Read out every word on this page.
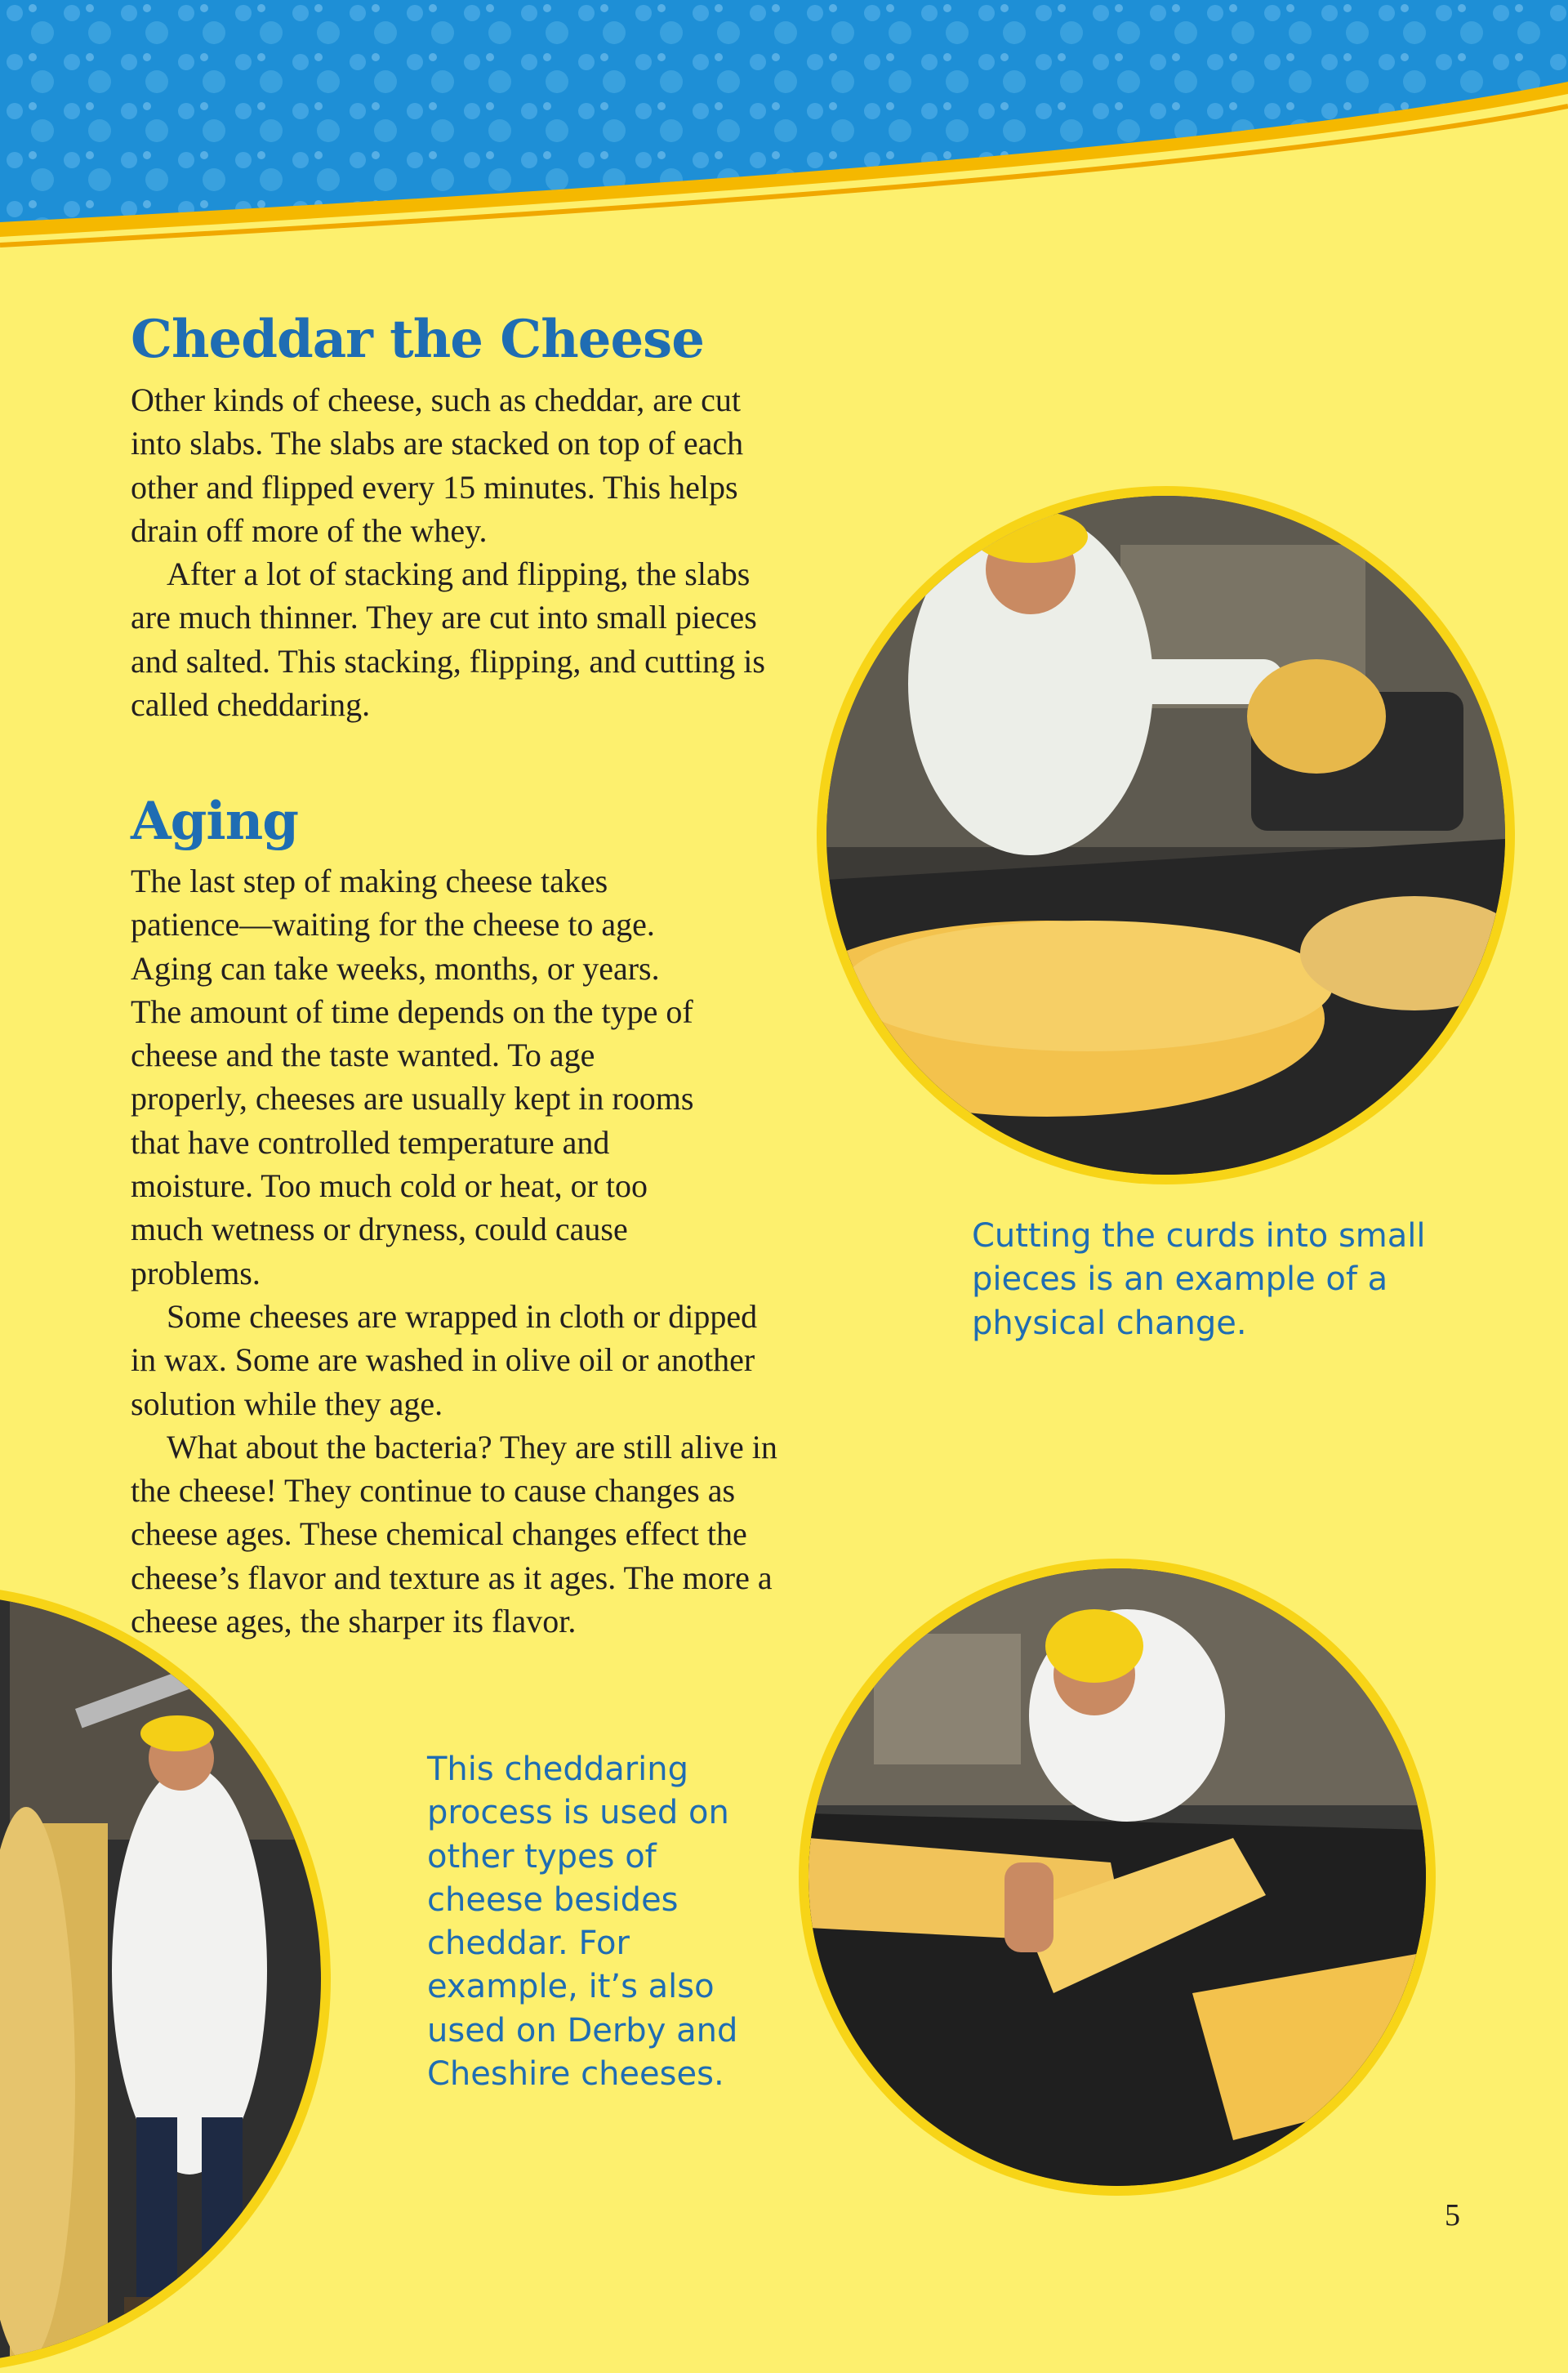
Cheddar the Cheese

Other kinds of cheese, such as cheddar, are cut into slabs. The slabs are stacked on top of each other and flipped every 15 minutes. This helps drain off more of the whey.

After a lot of stacking and flipping, the slabs are much thinner. They are cut into small pieces and salted. This stacking, flipping, and cutting is called cheddaring.

Aging

The last step of making cheese takes patience—waiting for the cheese to age. Aging can take weeks, months, or years. The amount of time depends on the type of cheese and the taste wanted. To age properly, cheeses are usually kept in rooms that have controlled temperature and moisture. Too much cold or heat, or too much wetness or dryness, could cause problems.

Some cheeses are wrapped in cloth or dipped in wax. Some are washed in olive oil or another solution while they age.

What about the bacteria? They are still alive in the cheese! They continue to cause changes as cheese ages. These chemical changes effect the cheese’s flavor and texture as it ages. The more a cheese ages, the sharper its flavor.

Cutting the curds into small pieces is an example of a physical change.

This cheddaring process is used on other types of cheese besides cheddar. For example, it’s also used on Derby and Cheshire cheeses.

5
